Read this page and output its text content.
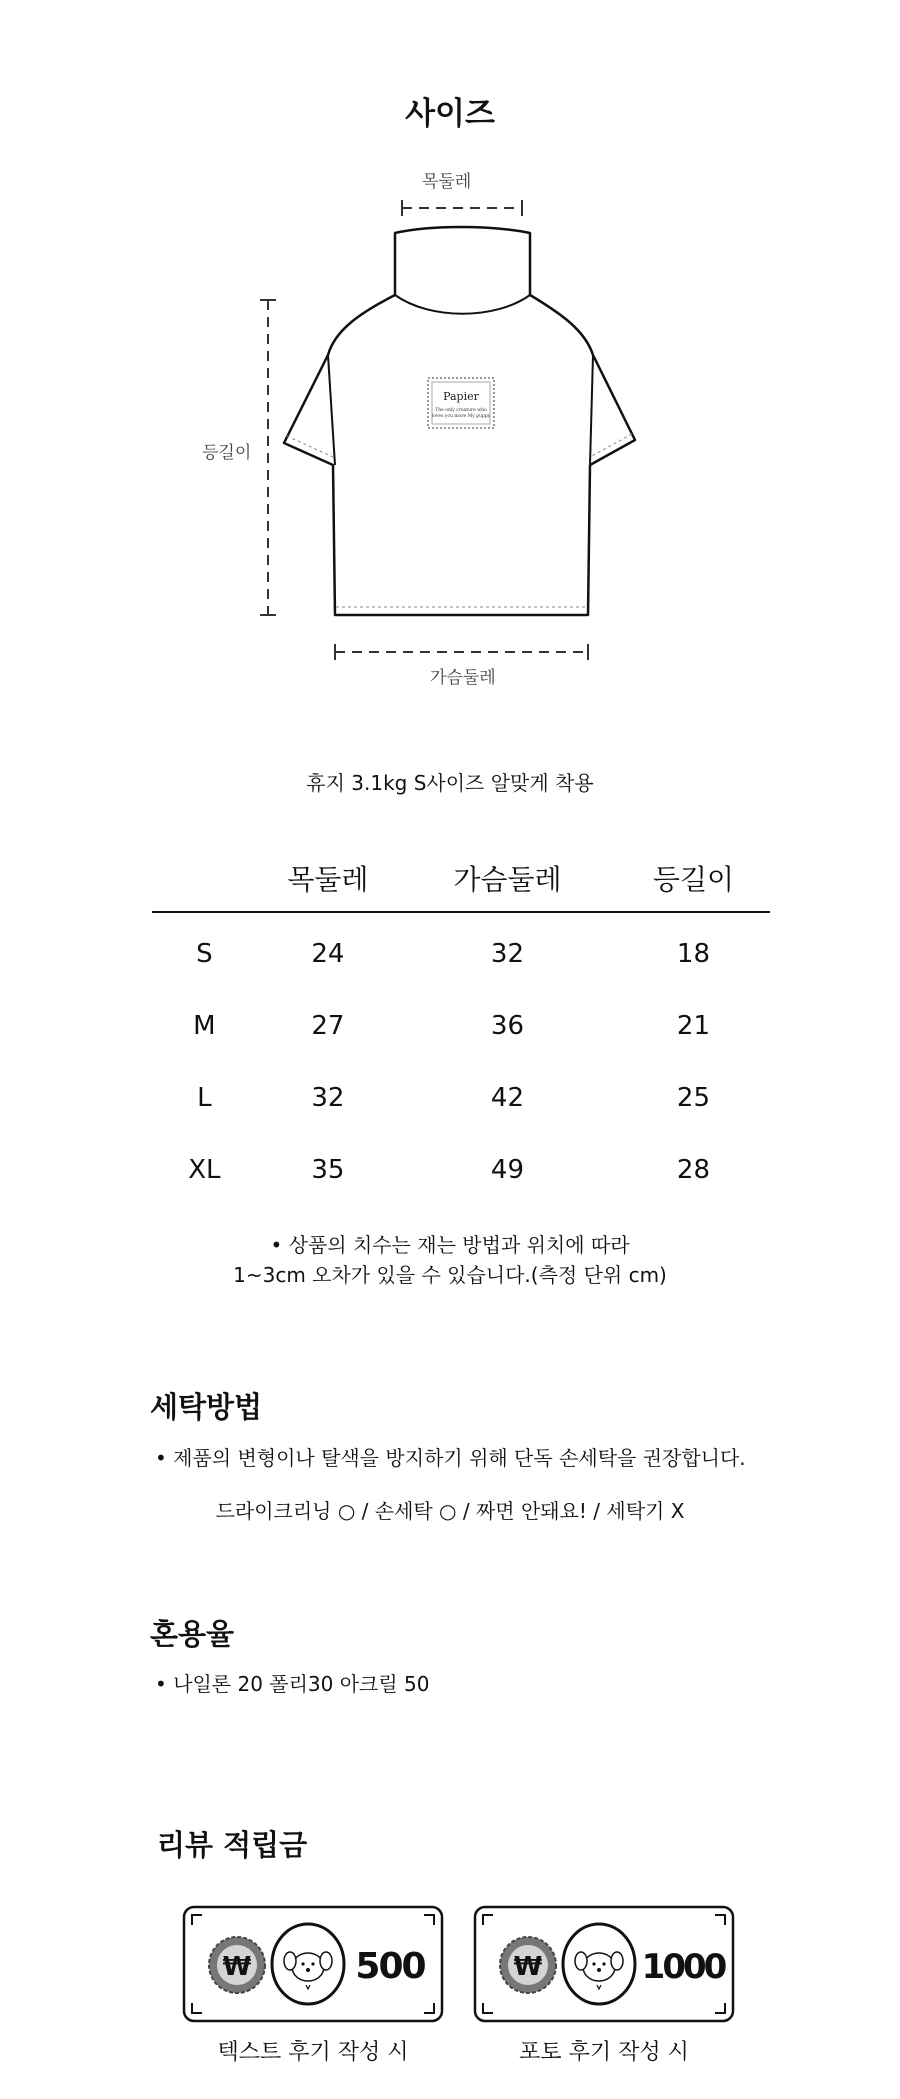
사이즈
Papier
The only creature who
loves you more My puppy
목둘레
등길이
가슴둘레
휴지 3.1kg S사이즈 알맞게 착용
	목둘레	가슴둘레	등길이
S	24	32	18
M	27	36	21
L	32	42	25
XL	35	49	28
• 상품의 치수는 재는 방법과 위치에 따라
1~3cm 오차가 있을 수 있습니다.(측정 단위 cm)
세탁방법
• 제품의 변형이나 탈색을 방지하기 위해 단독 손세탁을 권장합니다.
드라이크리닝 ○ / 손세탁 ○ / 짜면 안돼요! / 세탁기 X
혼용율
• 나일론 20 폴리30 아크릴 50
리뷰 적립금
₩	500
텍스트 후기 작성 시
₩	1000
포토 후기 작성 시
